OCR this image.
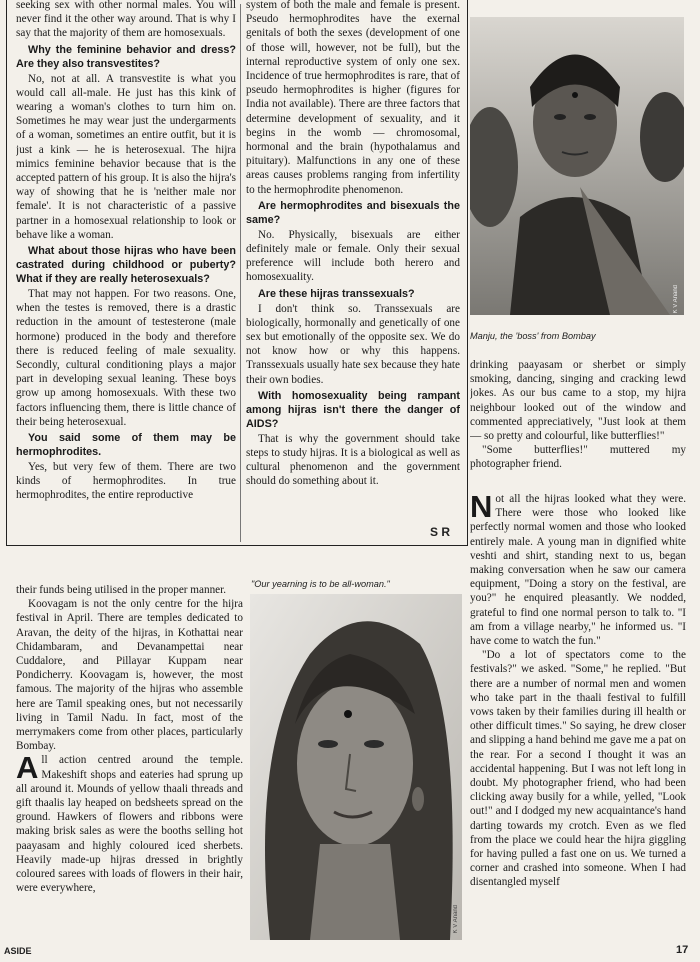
seeking sex with other normal males. You will never find it the other way around. That is why I say that the majority of them are homosexuals.

Why the feminine behavior and dress? Are they also transvestites?

No, not at all. A transvestite is what you would call all-male. He just has this kink of wearing a woman's clothes to turn him on. Sometimes he may wear just the undergarments of a woman, sometimes an entire outfit, but it is just a kink — he is heterosexual. The hijra mimics feminine behavior because that is the accepted pattern of his group. It is also the hijra's way of showing that he is 'neither male nor female'. It is not characteristic of a passive partner in a homosexual relationship to look or behave like a woman.

What about those hijras who have been castrated during childhood or puberty? What if they are really heterosexuals?

That may not happen. For two reasons. One, when the testes is removed, there is a drastic reduction in the amount of testesterone (male hormone) produced in the body and therefore there is reduced feeling of male sexuality. Secondly, cultural conditioning plays a major part in developing sexual leaning. These boys grow up among homosexuals. With these two factors influencing them, there is little chance of their being heterosexual.

You said some of them may be hermophrodites.

Yes, but very few of them. There are two kinds of hermophrodites. In true hermophrodites, the entire reproductive

system of both the male and female is present. Pseudo hermophrodites have the exernal genitals of both the sexes (development of one of those will, however, not be full), but the internal reproductive system of only one sex. Incidence of true hermophrodites is rare, that of pseudo hermophrodites is higher (figures for India not available). There are three factors that determine development of sexuality, and it begins in the womb — chromosomal, hormonal and the brain (hypothalamus and pituitary). Malfunctions in any one of these areas causes problems ranging from infertility to the hermophrodite phenomenon.

Are hermophrodites and bisexuals the same?

No. Physically, bisexuals are either definitely male or female. Only their sexual preference will include both herero and homosexuality.

Are these hijras transsexuals?

I don't think so. Transsexuals are biologically, hormonally and genetically of one sex but emotionally of the opposite sex. We do not know how or why this happens. Transsexuals usually hate sex because they hate their own bodies.

With homosexuality being rampant among hijras isn't there the danger of AIDS?

That is why the government should take steps to study hijras. It is a biological as well as cultural phenomenon and the government should do something about it.

S R
K V Anand
Manju, the 'boss' from Bombay

drinking paayasam or sherbet or simply smoking, dancing, singing and cracking lewd jokes. As our bus came to a stop, my hijra neighbour looked out of the window and commented appreciatively, "Just look at them — so pretty and colourful, like butterflies!"

"Some butterflies!" muttered my photographer friend.

N ot all the hijras looked what they were. There were those who looked like perfectly normal women and those who looked entirely male. A young man in dignified white veshti and shirt, standing next to us, began making conversation when he saw our camera equipment, "Doing a story on the festival, are you?" he enquired pleasantly. We nodded, grateful to find one normal person to talk to. "I am from a village nearby," he informed us. "I have come to watch the fun."

"Do a lot of spectators come to the festivals?" we asked. "Some," he replied. "But there are a number of normal men and women who take part in the thaali festival to fulfill vows taken by their families during ill health or other difficult times." So saying, he drew closer and slipping a hand behind me gave me a pat on the rear. For a second I thought it was an accidental happening. But I was not left long in doubt. My photographer friend, who had been clicking away busily for a while, yelled, "Look out!" and I dodged my new acquaintance's hand darting towards my crotch. Even as we fled from the place we could hear the hijra giggling for having pulled a fast one on us. We turned a corner and crashed into someone. When I had disentangled myself

their funds being utilised in the proper manner.

Koovagam is not the only centre for the hijra festival in April. There are temples dedicated to Aravan, the deity of the hijras, in Kothattai near Chidambaram, and Devanampettai near Cuddalore, and Pillayar Kuppam near Pondicherry. Koovagam is, however, the most famous. The majority of the hijras who assemble here are Tamil speaking ones, but not necessarily living in Tamil Nadu. In fact, most of the merrymakers come from other places, particularly Bombay.

All action centred around the temple. Makeshift shops and eateries had sprung up all around it. Mounds of yellow thaali threads and gift thaalis lay heaped on bedsheets spread on the ground. Hawkers of flowers and ribbons were making brisk sales as were the booths selling hot paayasam and highly coloured iced sherbets. Heavily made-up hijras dressed in brightly coloured sarees with loads of flowers in their hair, were everywhere,

"Our yearning is to be all-woman."
K V Anand
ASIDE	17
